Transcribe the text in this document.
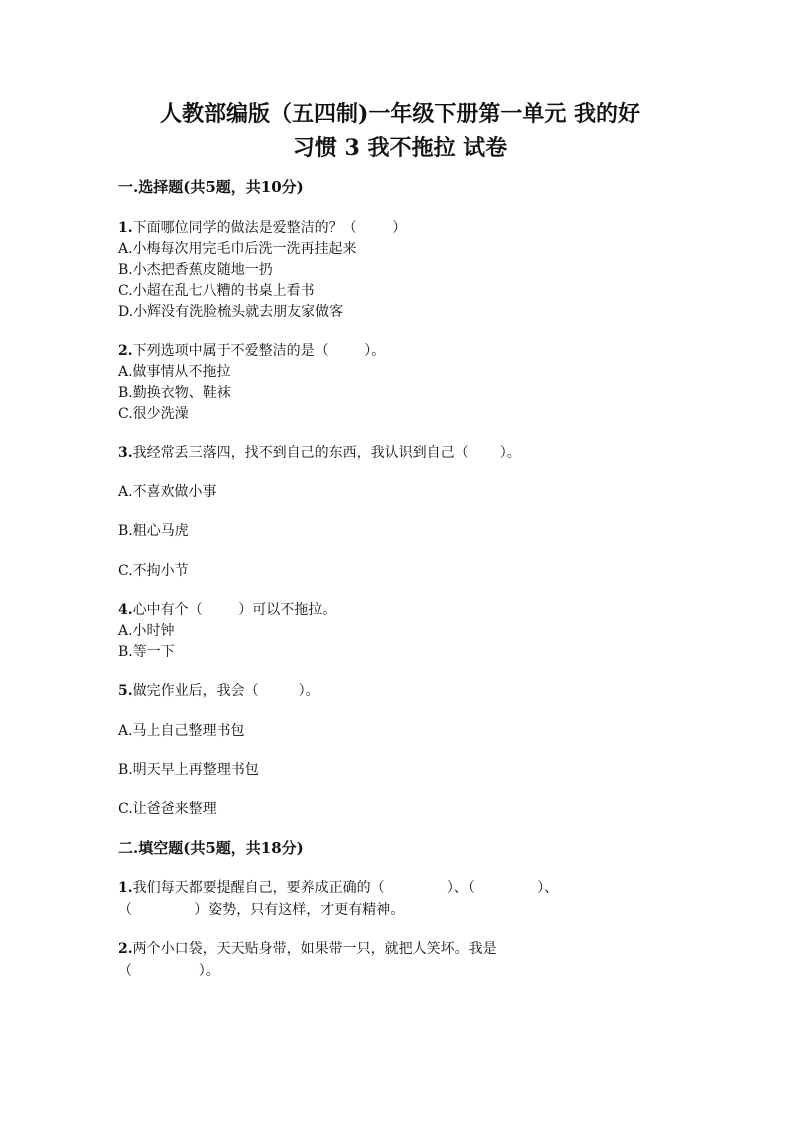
人教部编版（五四制)一年级下册第一单元 我的好
习惯 3 我不拖拉 试卷
一.选择题(共5题，共10分)
1.下面哪位同学的做法是爱整洁的？（        ）
A.小梅每次用完毛巾后洗一洗再挂起来
B.小杰把香蕉皮随地一扔
C.小超在乱七八糟的书桌上看书
D.小辉没有洗脸梳头就去朋友家做客
2.下列选项中属于不爱整洁的是（        ）。
A.做事情从不拖拉
B.勤换衣物、鞋袜
C.很少洗澡
3.我经常丢三落四，找不到自己的东西，我认识到自己（       ）。
A.不喜欢做小事
B.粗心马虎
C.不拘小节
4.心中有个（        ）可以不拖拉。
A.小时钟
B.等一下
5.做完作业后，我会（         ）。
A.马上自己整理书包
B.明天早上再整理书包
C.让爸爸来整理
二.填空题(共5题，共18分)
1.我们每天都要提醒自己，要养成正确的（              ）、（              ）、
（              ）姿势，只有这样，才更有精神。
2.两个小口袋，天天贴身带，如果带一只，就把人笑坏。我是
（               ）。
